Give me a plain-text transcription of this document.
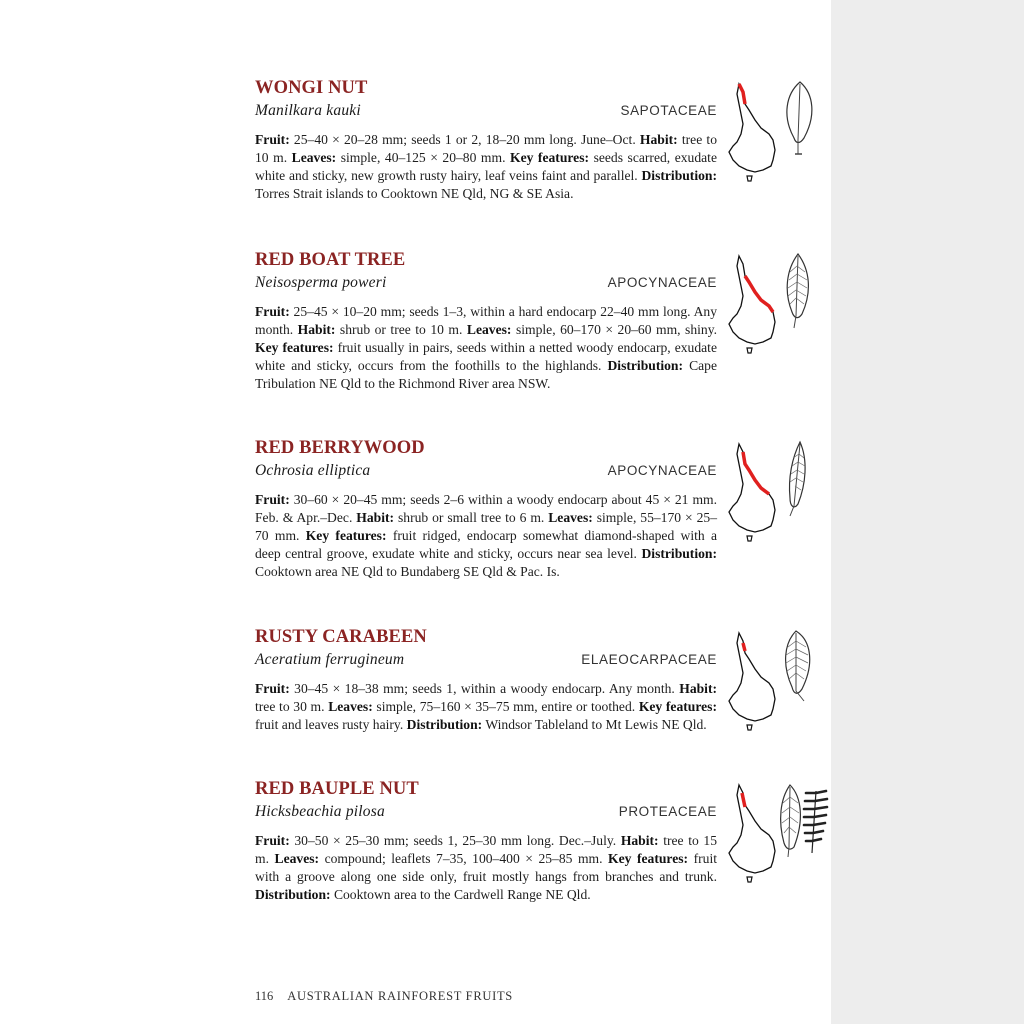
WONGI NUT
Manilkara kauki	SAPOTACEAE

Fruit: 25–40 × 20–28 mm; seeds 1 or 2, 18–20 mm long. June–Oct. Habit: tree to 10 m. Leaves: simple, 40–125 × 20–80 mm. Key features: seeds scarred, exudate white and sticky, new growth rusty hairy, leaf veins faint and parallel. Distribution: Torres Strait islands to Cooktown NE Qld, NG & SE Asia.

RED BOAT TREE
Neisosperma poweri	APOCYNACEAE

Fruit: 25–45 × 10–20 mm; seeds 1–3, within a hard endocarp 22–40 mm long. Any month. Habit: shrub or tree to 10 m. Leaves: simple, 60–170 × 20–60 mm, shiny. Key features: fruit usually in pairs, seeds within a netted woody endocarp, exudate white and sticky, occurs from the foothills to the highlands. Distribution: Cape Tribulation NE Qld to the Richmond River area NSW.

RED BERRYWOOD
Ochrosia elliptica	APOCYNACEAE

Fruit: 30–60 × 20–45 mm; seeds 2–6 within a woody endocarp about 45 × 21 mm. Feb. & Apr.–Dec. Habit: shrub or small tree to 6 m. Leaves: simple, 55–170 × 25–70 mm. Key features: fruit ridged, endocarp somewhat diamond-shaped with a deep central groove, exudate white and sticky, occurs near sea level. Distribution: Cooktown area NE Qld to Bundaberg SE Qld & Pac. Is.

RUSTY CARABEEN
Aceratium ferrugineum	ELAEOCARPACEAE

Fruit: 30–45 × 18–38 mm; seeds 1, within a woody endocarp. Any month. Habit: tree to 30 m. Leaves: simple, 75–160 × 35–75 mm, entire or toothed. Key features: fruit and leaves rusty hairy. Distribution: Windsor Tableland to Mt Lewis NE Qld.

RED BAUPLE NUT
Hicksbeachia pilosa	PROTEACEAE

Fruit: 30–50 × 25–30 mm; seeds 1, 25–30 mm long. Dec.–July. Habit: tree to 15 m. Leaves: compound; leaflets 7–35, 100–400 × 25–85 mm. Key features: fruit with a groove along one side only, fruit mostly hangs from branches and trunk. Distribution: Cooktown area to the Cardwell Range NE Qld.

116 AUSTRALIAN RAINFOREST FRUITS
